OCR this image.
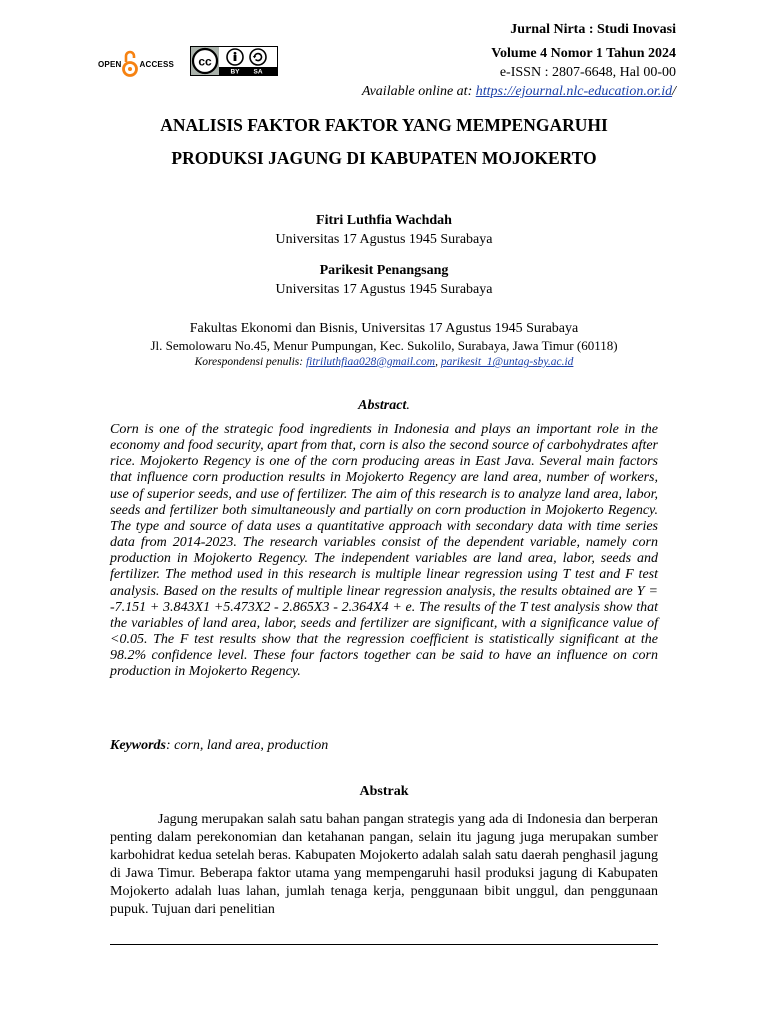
OPEN ACCESS cc
BY SA
Jurnal Nirta : Studi Inovasi
Volume 4 Nomor 1 Tahun 2024
e-ISSN : 2807-6648, Hal 00-00
Available online at: https://ejournal.nlc-education.or.id/
ANALISIS FAKTOR FAKTOR YANG MEMPENGARUHI
PRODUKSI JAGUNG DI KABUPATEN MOJOKERTO
Fitri Luthfia Wachdah
Universitas 17 Agustus 1945 Surabaya
Parikesit Penangsang
Universitas 17 Agustus 1945 Surabaya
Fakultas Ekonomi dan Bisnis, Universitas 17 Agustus 1945 Surabaya
Jl. Semolowaru No.45, Menur Pumpungan, Kec. Sukolilo, Surabaya, Jawa Timur (60118)
Korespondensi penulis: fitriluthfiaa028@gmail.com, parikesit_1@untag-sby.ac.id
Abstract.
Corn is one of the strategic food ingredients in Indonesia and plays an important role in the economy and food security, apart from that, corn is also the second source of carbohydrates after rice. Mojokerto Regency is one of the corn producing areas in East Java. Several main factors that influence corn production results in Mojokerto Regency are land area, number of workers, use of superior seeds, and use of fertilizer. The aim of this research is to analyze land area, labor, seeds and fertilizer both simultaneously and partially on corn production in Mojokerto Regency. The type and source of data uses a quantitative approach with secondary data with time series data from 2014-2023. The research variables consist of the dependent variable, namely corn production in Mojokerto Regency. The independent variables are land area, labor, seeds and fertilizer. The method used in this research is multiple linear regression using T test and F test analysis. Based on the results of multiple linear regression analysis, the results obtained are Y = -7.151 + 3.843X1 +5.473X2 - 2.865X3 - 2.364X4 + e. The results of the T test analysis show that the variables of land area, labor, seeds and fertilizer are significant, with a significance value of <0.05. The F test results show that the regression coefficient is statistically significant at the 98.2% confidence level. These four factors together can be said to have an influence on corn production in Mojokerto Regency.
Keywords: corn, land area, production
Abstrak
Jagung merupakan salah satu bahan pangan strategis yang ada di Indonesia dan berperan penting dalam perekonomian dan ketahanan pangan, selain itu jagung juga merupakan sumber karbohidrat kedua setelah beras. Kabupaten Mojokerto adalah salah satu daerah penghasil jagung di Jawa Timur. Beberapa faktor utama yang mempengaruhi hasil produksi jagung di Kabupaten Mojokerto adalah luas lahan, jumlah tenaga kerja, penggunaan bibit unggul, dan penggunaan pupuk. Tujuan dari penelitian
